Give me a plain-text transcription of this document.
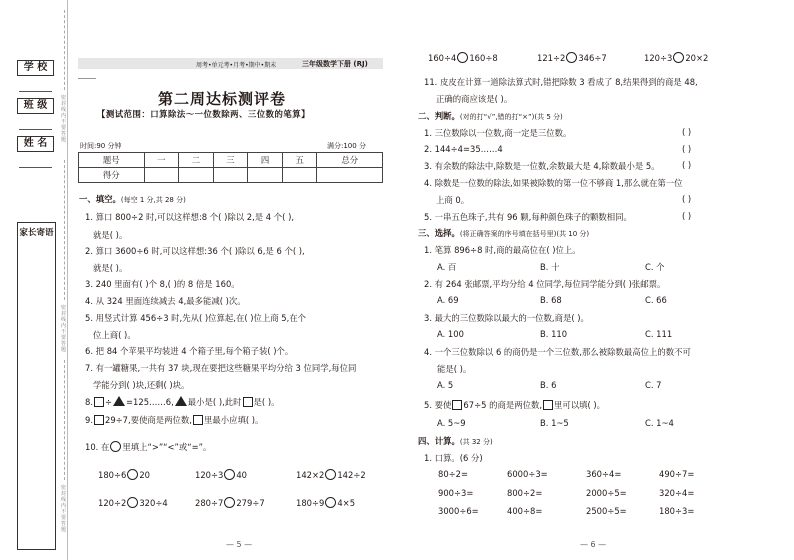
学 校
班 级
姓 名
家长寄语
密封线内不要答题
密封线内不要答题
密封线内不要答题
周考•单元考•月考•期中•期末	三年级数学下册 (RJ)
第二周达标测评卷
【测试范围：口算除法～一位数除两、三位数的笔算】
时间:90 分钟	满分:100 分
题号	一	二	三	四	五	总分
得分						
一、填空。(每空 1 分,共 28 分)
1. 算口 800÷2 时,可以这样想:8 个( )除以 2,是 4 个( ),
就是( )。
2. 算口 3600÷6 时,可以这样想:36 个( )除以 6,是 6 个( ),
就是( )。
3. 240 里面有( )个 8,( )的 8 倍是 160。
4. 从 324 里面连续减去 4,最多能减( )次。
5. 用竖式计算 456÷3 时,先从( )位算起,在( )位上商 5,在个
位上商( )。
6. 把 84 个苹果平均装进 4 个箱子里,每个箱子装( )个。
7. 有一罐糖果,一共有 37 块,现在要把这些糖果平均分给 3 位同学,每位同
学能分到( )块,还剩( )块。
8. ÷ =125……6, 最小是( ),此时 是( )。
9. 29÷7,要使商是两位数, 里最小应填( )。
10. 在 里填上“>”“<”或“=”。
180÷6 20	120÷3 40	142×2 142÷2
120÷2 320÷4	280÷7 279÷7	180÷9 4×5
— 5 —
160÷4 160÷8	121÷2 346÷7	120÷3 20×2
11. 皮皮在计算一道除法算式时,错把除数 3 看成了 8,结果得到的商是 48,
正确的商应该是( )。
二、判断。(对的打“√”,错的打“×”)(共 5 分)
1. 三位数除以一位数,商一定是三位数。	( )
2. 144÷4=35……4	( )
3. 有余数的除法中,除数是一位数,余数最大是 4,除数最小是 5。	( )
4. 除数是一位数的除法,如果被除数的第一位不够商 1,那么就在第一位
上商 0。	( )
5. 一串五色珠子,共有 96 颗,每种颜色珠子的颗数相同。	( )
三、选择。(将正确答案的序号填在括号里)(共 10 分)
1. 笔算 896÷8 时,商的最高位在( )位上。
A. 百	B. 十	C. 个
2. 有 264 张邮票,平均分给 4 位同学,每位同学能分到( )张邮票。
A. 69	B. 68	C. 66
3. 最大的三位数除以最大的一位数,商是( )。
A. 100	B. 110	C. 111
4. 一个三位数除以 6 的商仍是一个三位数,那么被除数最高位上的数不可
能是( )。
A. 5	B. 6	C. 7
5. 要使 67÷5 的商是两位数, 里可以填( )。
A. 5~9	B. 1~5	C. 1~4
四、计算。(共 32 分)
1. 口算。(6 分)
80÷2=	6000÷3=	360÷4=	490÷7=
900÷3=	800÷2=	2000÷5=	320÷4=
3000÷6=	400÷8=	2500÷5=	180÷3=
— 6 —
